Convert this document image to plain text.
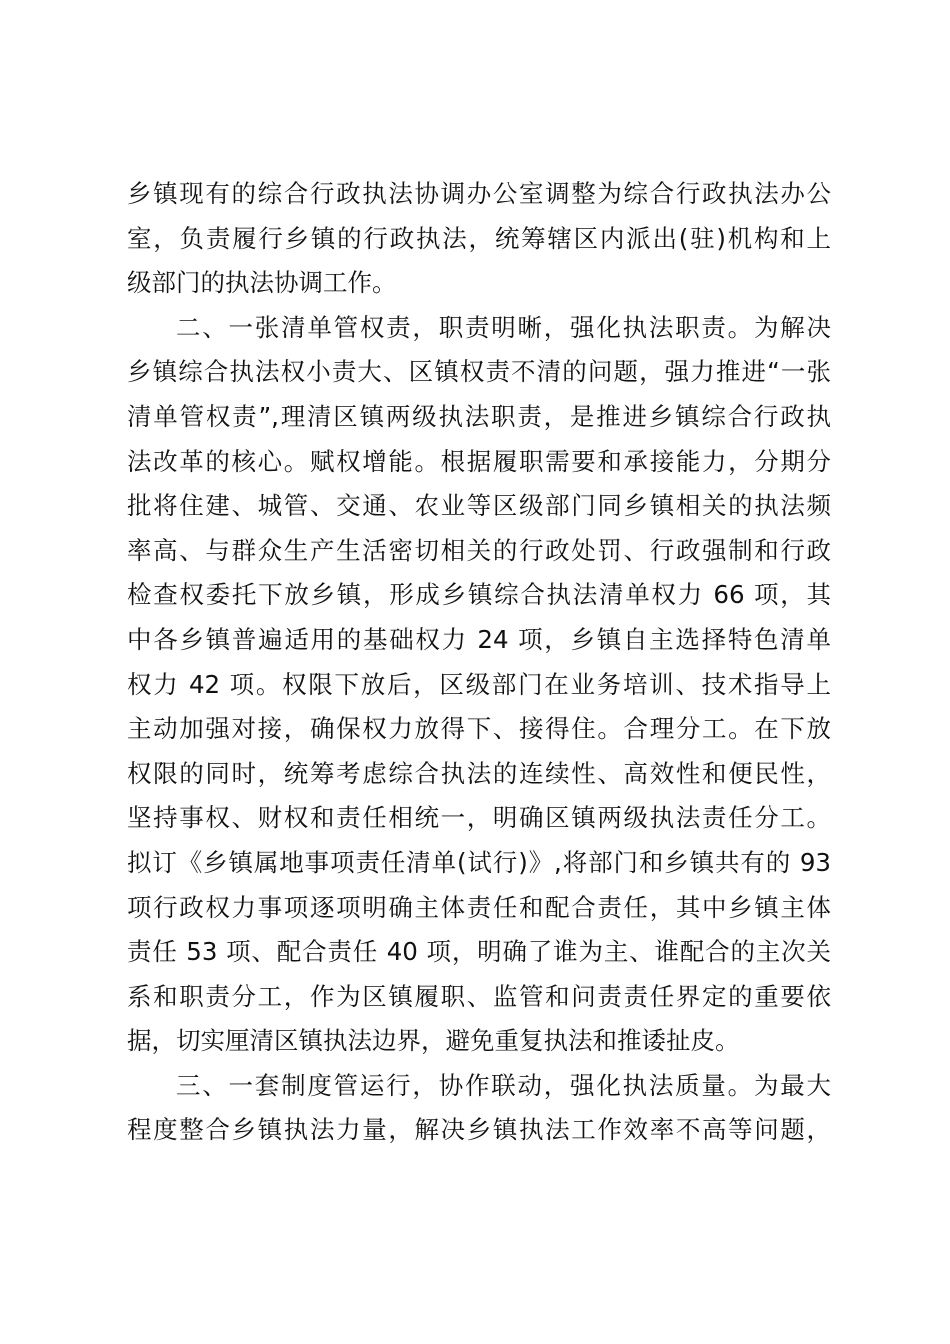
乡镇现有的综合行政执法协调办公室调整为综合行政执法办公
室，负责履行乡镇的行政执法，统筹辖区内派出(驻)机构和上
级部门的执法协调工作。
二、一张清单管权责，职责明晰，强化执法职责。为解决
乡镇综合执法权小责大、区镇权责不清的问题，强力推进“一张
清单管权责”,理清区镇两级执法职责，是推进乡镇综合行政执
法改革的核心。赋权增能。根据履职需要和承接能力，分期分
批将住建、城管、交通、农业等区级部门同乡镇相关的执法频
率高、与群众生产生活密切相关的行政处罚、行政强制和行政
检查权委托下放乡镇，形成乡镇综合执法清单权力 66 项，其
中各乡镇普遍适用的基础权力 24 项，乡镇自主选择特色清单
权力 42 项。权限下放后，区级部门在业务培训、技术指导上
主动加强对接，确保权力放得下、接得住。合理分工。在下放
权限的同时，统筹考虑综合执法的连续性、高效性和便民性，
坚持事权、财权和责任相统一，明确区镇两级执法责任分工。
拟订《乡镇属地事项责任清单(试行)》,将部门和乡镇共有的 93
项行政权力事项逐项明确主体责任和配合责任，其中乡镇主体
责任 53 项、配合责任 40 项，明确了谁为主、谁配合的主次关
系和职责分工，作为区镇履职、监管和问责责任界定的重要依
据，切实厘清区镇执法边界，避免重复执法和推诿扯皮。
三、一套制度管运行，协作联动，强化执法质量。为最大
程度整合乡镇执法力量，解决乡镇执法工作效率不高等问题，
